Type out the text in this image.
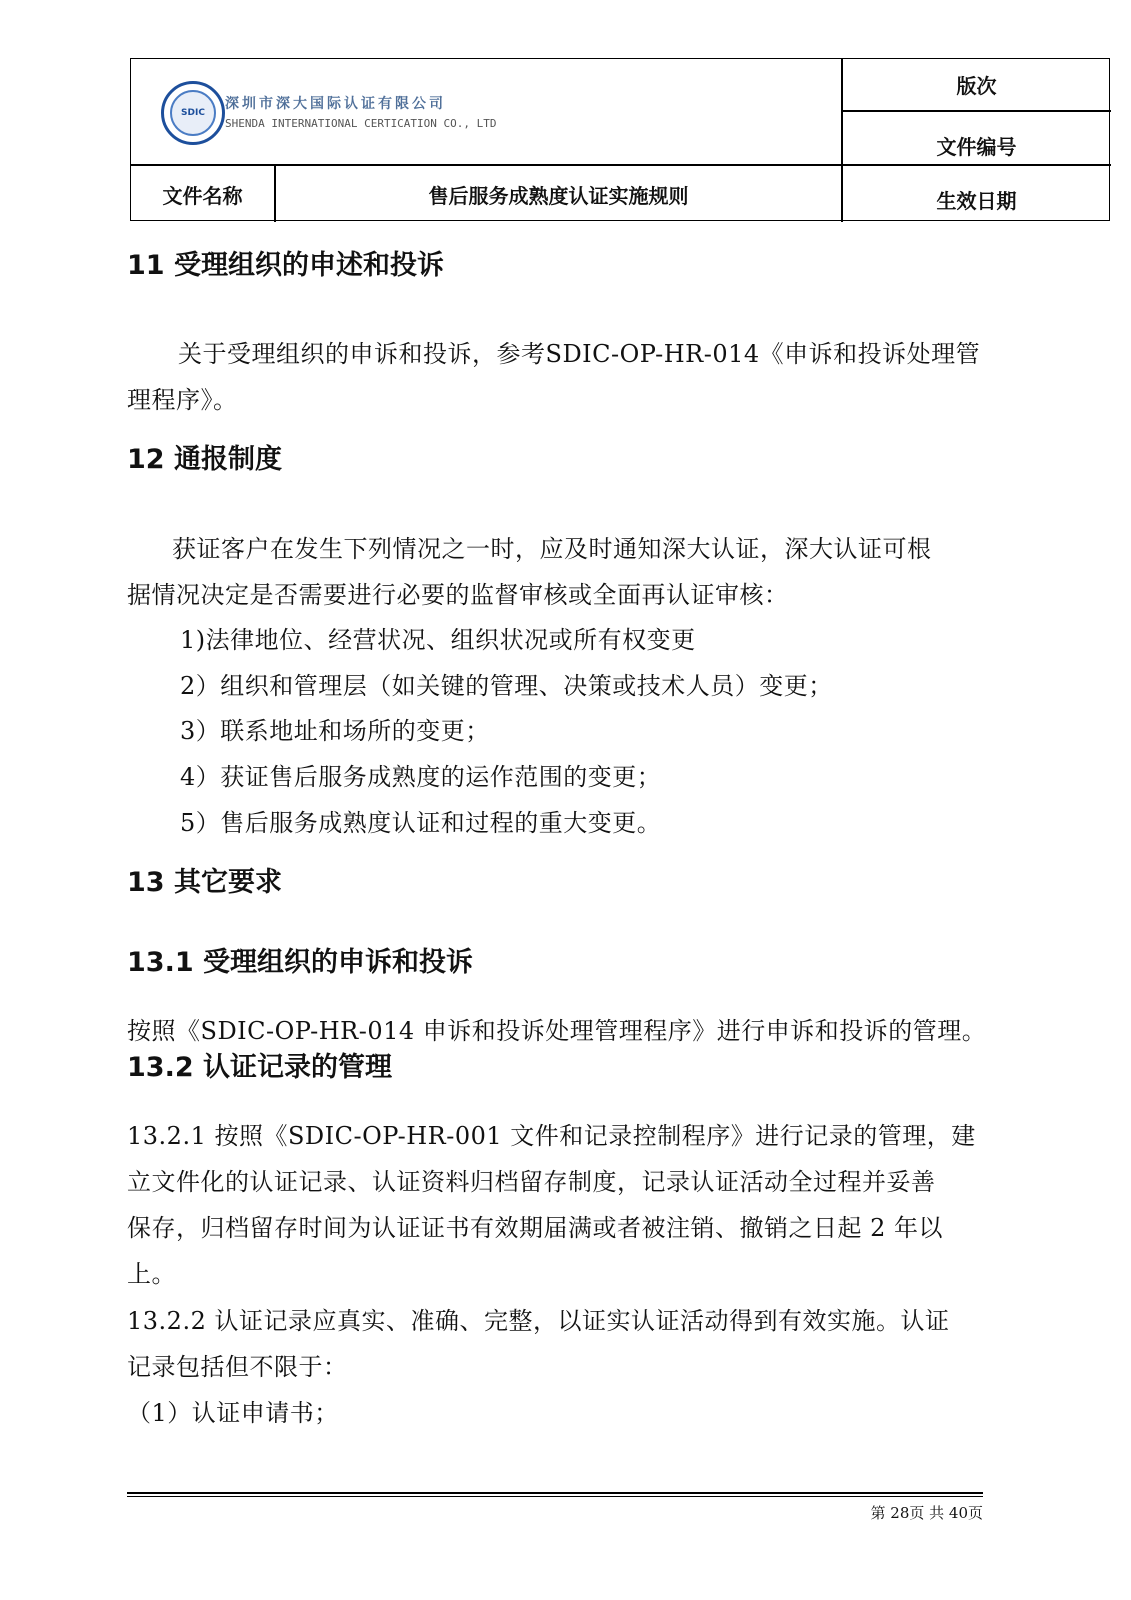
SDIC
深圳市深大国际认证有限公司
SHENDA INTERNATIONAL CERTICATION CO., LTD
版次
文件编号
文件名称	售后服务成熟度认证实施规则	生效日期
11 受理组织的申述和投诉
关于受理组织的申诉和投诉，参考SDIC-OP-HR-014《申诉和投诉处理管
理程序》。
12 通报制度
获证客户在发生下列情况之一时，应及时通知深大认证，深大认证可根
据情况决定是否需要进行必要的监督审核或全面再认证审核：
1)法律地位、经营状况、组织状况或所有权变更
2）组织和管理层（如关键的管理、决策或技术人员）变更；
3）联系地址和场所的变更；
4）获证售后服务成熟度的运作范围的变更；
5）售后服务成熟度认证和过程的重大变更。
13 其它要求
13.1 受理组织的申诉和投诉
按照《SDIC-OP-HR-014 申诉和投诉处理管理程序》进行申诉和投诉的管理。
13.2 认证记录的管理
13.2.1 按照《SDIC-OP-HR-001 文件和记录控制程序》进行记录的管理，建
立文件化的认证记录、认证资料归档留存制度，记录认证活动全过程并妥善
保存，归档留存时间为认证证书有效期届满或者被注销、撤销之日起 2 年以
上。
13.2.2 认证记录应真实、准确、完整，以证实认证活动得到有效实施。认证
记录包括但不限于：
（1）认证申请书；
第 28页 共 40页
